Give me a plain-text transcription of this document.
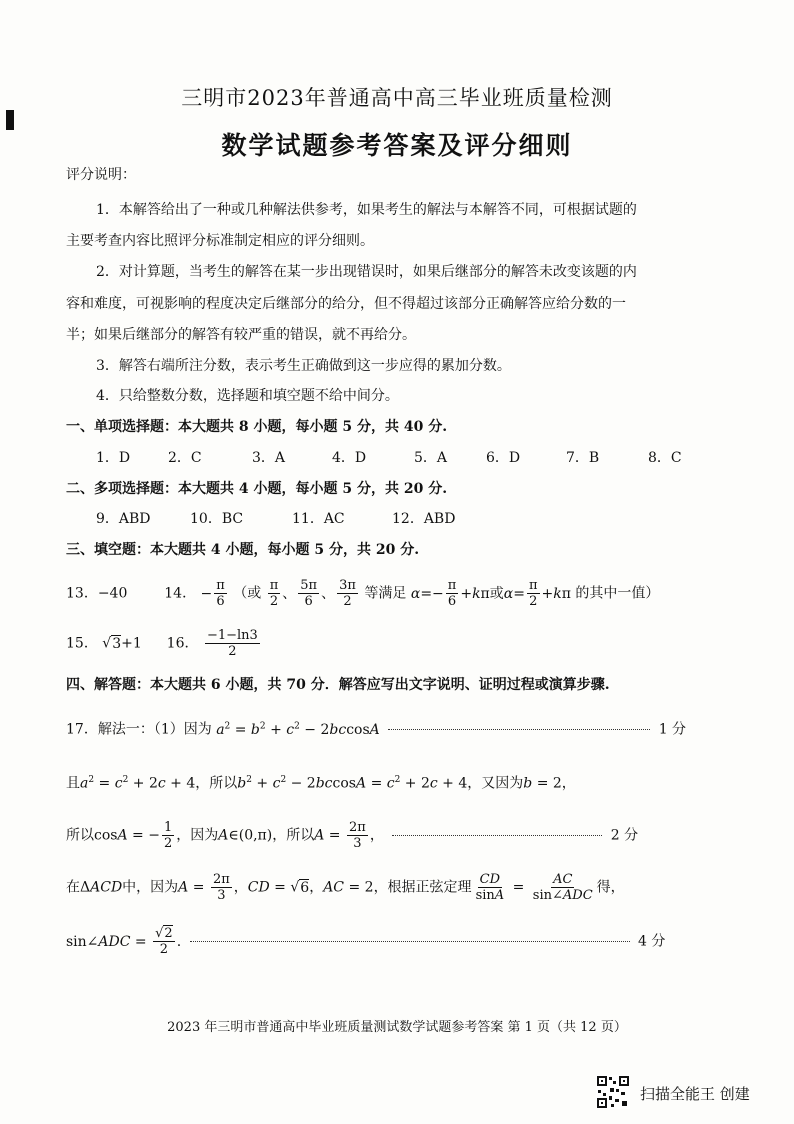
三明市2023年普通高中高三毕业班质量检测
数学试题参考答案及评分细则
评分说明：
1．本解答给出了一种或几种解法供参考，如果考生的解法与本解答不同，可根据试题的
主要考查内容比照评分标准制定相应的评分细则。
2．对计算题，当考生的解答在某一步出现错误时，如果后继部分的解答未改变该题的内
容和难度，可视影响的程度决定后继部分的给分，但不得超过该部分正确解答应给分数的一
半；如果后继部分的解答有较严重的错误，就不再给分。
3．解答右端所注分数，表示考生正确做到这一步应得的累加分数。
4．只给整数分数，选择题和填空题不给中间分。
一、单项选择题：本大题共 8 小题，每小题 5 分，共 40 分.
1．D	2．C	3．A	4．D	5．A	6．D	7．B	8．C
二、多项选择题：本大题共 4 小题，每小题 5 分，共 20 分.
9．ABD	10．BC	11．AC	12．ABD
三、填空题：本大题共 4 小题，每小题 5 分，共 20 分.
13．−40	14． − $\frac{\pi}{6}$ （或 $\frac{\pi}{2}$ 、 $\frac{5\pi}{6}$ 、 $\frac{3\pi}{2}$ 等满足 $\alpha=- \frac{\pi}{6} +k\pi$或$\alpha= \frac{\pi}{2} +k\pi$ 的其中一值）
15． √3+1 16． $\frac{-1-\ln 3}{2}$
四、解答题：本大题共 6 小题，共 70 分．解答应写出文字说明、证明过程或演算步骤.
17．解法一：（1）因为 $a^2 = b^2 + c^2 - 2bccosA$	1 分
且$a^2 = c^2 + 2c + 4$，所以$b^2 + c^2 - 2bccosA = c^2 + 2c + 4$，又因为b = 2，
所以cosA = − $\frac{1}{2}$ ，因为A∈(0,π)，所以$A = \frac{2\pi}{3}$ ，	2 分
在ΔACD中，因为$A = \frac{2\pi}{3}$ ，CD = √6，AC = 2，根据正弦定理 $\frac{CD}{\sin A} = \frac{AC}{\text{sin∠ADC}}$ 得，
sin∠ADC = $\frac{√2}{2}$ .	4 分
2023 年三明市普通高中毕业班质量测试数学试题参考答案 第 1 页（共 12 页）
扫描全能王 创建
